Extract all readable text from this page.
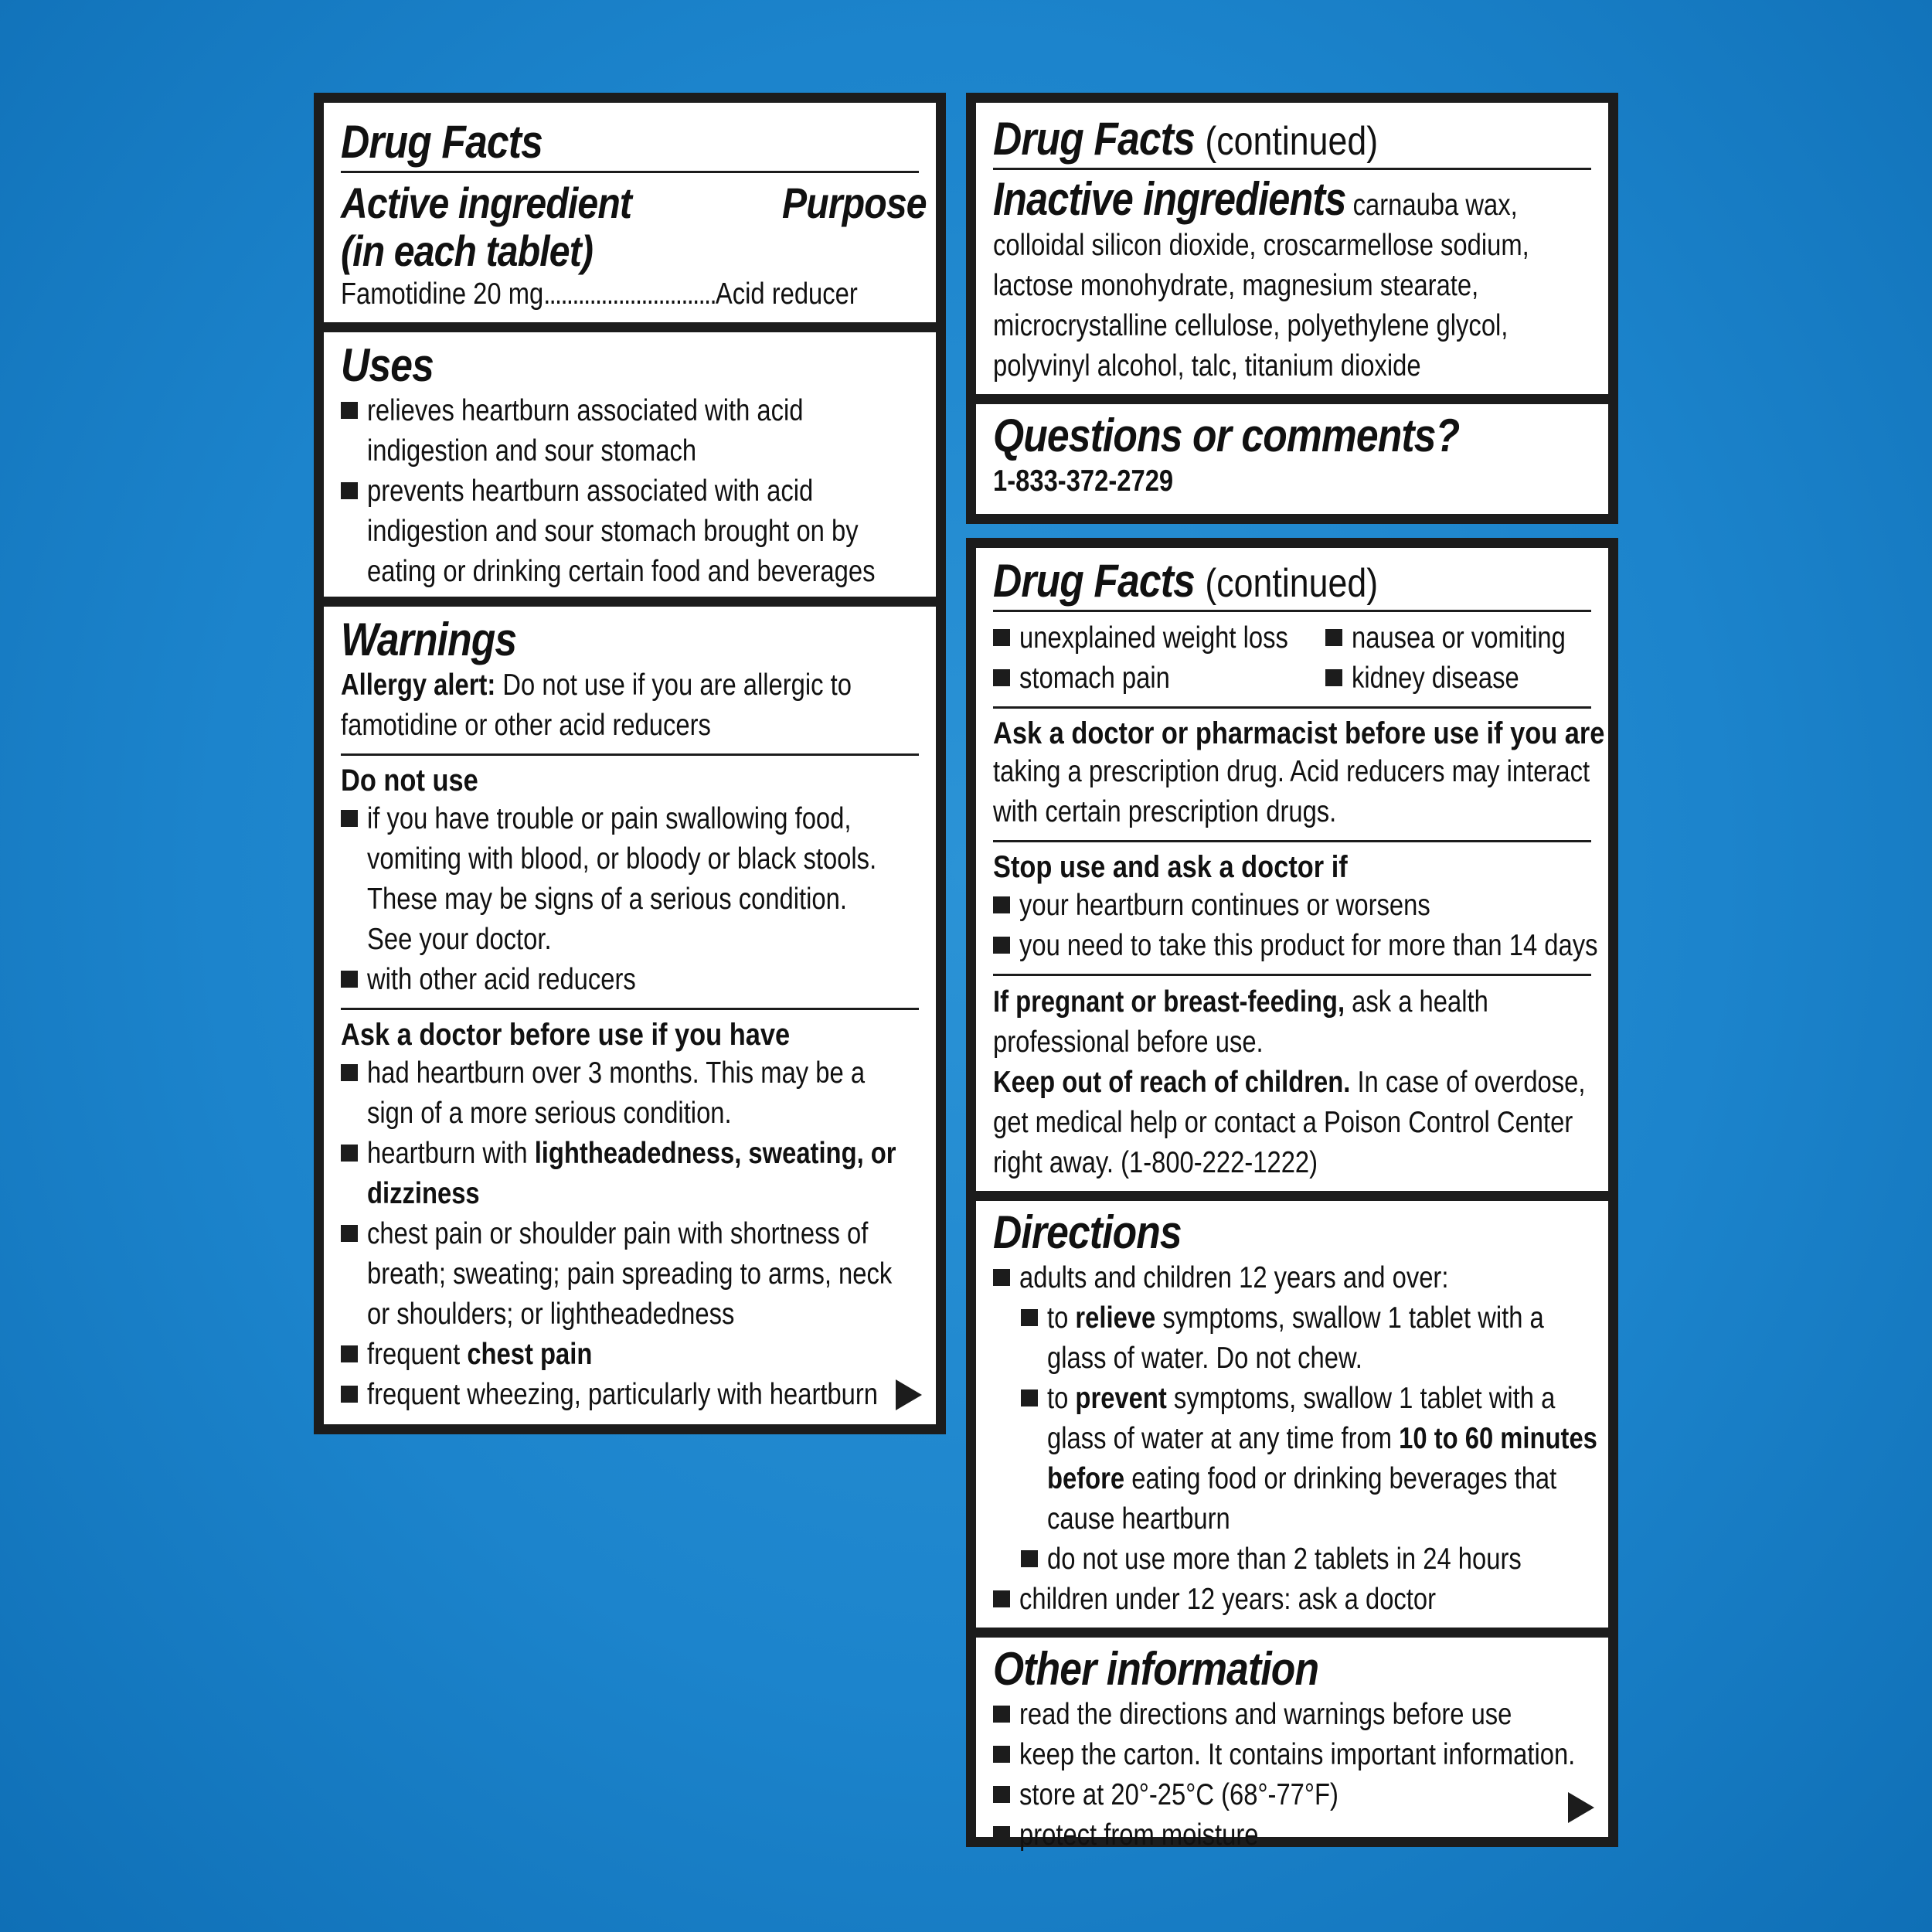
Drug Facts
Active ingredient
(in each tablet)
Purpose
Famotidine 20 mg .............................. Acid reducer
Uses
relieves heartburn associated with acid
indigestion and sour stomach
prevents heartburn associated with acid
indigestion and sour stomach brought on by
eating or drinking certain food and beverages
Warnings
Allergy alert: Do not use if you are allergic to
famotidine or other acid reducers
Do not use
if you have trouble or pain swallowing food,
vomiting with blood, or bloody or black stools.
These may be signs of a serious condition.
See your doctor.
with other acid reducers
Ask a doctor before use if you have
had heartburn over 3 months. This may be a
sign of a more serious condition.
heartburn with lightheadedness, sweating, or
dizziness
chest pain or shoulder pain with shortness of
breath; sweating; pain spreading to arms, neck
or shoulders; or lightheadedness
frequent chest pain
frequent wheezing, particularly with heartburn
Drug Facts (continued)
Inactive ingredients carnauba wax,
colloidal silicon dioxide, croscarmellose sodium,
lactose monohydrate, magnesium stearate,
microcrystalline cellulose, polyethylene glycol,
polyvinyl alcohol, talc, titanium dioxide
Questions or comments?
1-833-372-2729
Drug Facts (continued)
unexplained weight loss nausea or vomiting
stomach pain	kidney disease
Ask a doctor or pharmacist before use if you are
taking a prescription drug. Acid reducers may interact
with certain prescription drugs.
Stop use and ask a doctor if
your heartburn continues or worsens
you need to take this product for more than 14 days
If pregnant or breast-feeding, ask a health
professional before use.
Keep out of reach of children. In case of overdose,
get medical help or contact a Poison Control Center
right away. (1-800-222-1222)
Directions
adults and children 12 years and over:
to relieve symptoms, swallow 1 tablet with a
glass of water. Do not chew.
to prevent symptoms, swallow 1 tablet with a
glass of water at any time from 10 to 60 minutes
before eating food or drinking beverages that
cause heartburn
do not use more than 2 tablets in 24 hours
children under 12 years: ask a doctor
Other information
read the directions and warnings before use
keep the carton. It contains important information.
store at 20°-25°C (68°-77°F)
protect from moisture
